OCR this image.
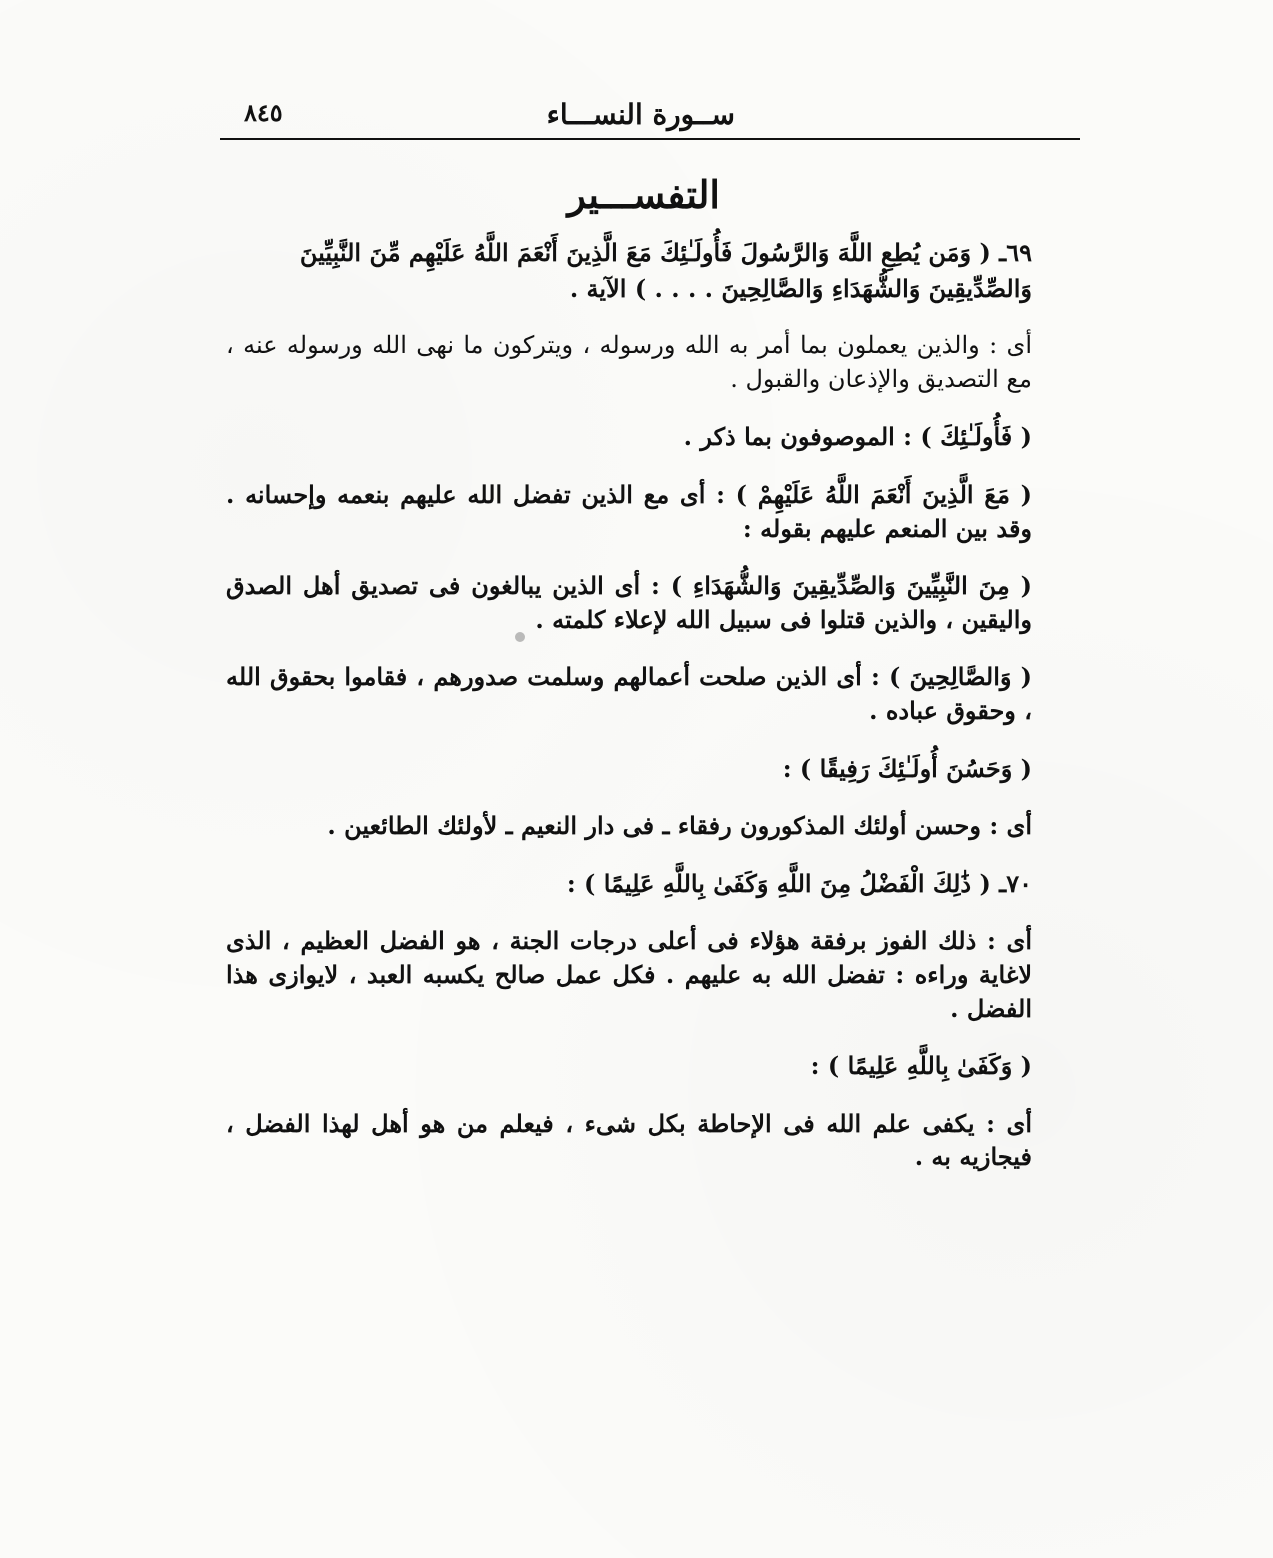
ســورة النســـاء
٨٤٥
التفســـير
٦٩ـ ( وَمَن يُطِعِ اللَّهَ وَالرَّسُولَ فَأُولَـٰئِكَ مَعَ الَّذِينَ أَنْعَمَ اللَّهُ عَلَيْهِم مِّنَ النَّبِيِّينَ
وَالصِّدِّيقِينَ وَالشُّهَدَاءِ وَالصَّالِحِينَ . . . . ) الآية .
أى : والذين يعملون بما أمر به الله ورسوله ، ويتركون ما نهى الله ورسوله عنه ، مع التصديق والإذعان والقبول .
( فَأُولَـٰئِكَ ) : الموصوفون بما ذكر .
( مَعَ الَّذِينَ أَنْعَمَ اللَّهُ عَلَيْهِمْ ) : أى مع الذين تفضل الله عليهم بنعمه وإحسانه . وقد بين المنعم عليهم بقوله :
( مِنَ النَّبِيِّينَ وَالصِّدِّيقِينَ وَالشُّهَدَاءِ ) : أى الذين يبالغون فى تصديق أهل الصدق واليقين ، والذين قتلوا فى سبيل الله لإعلاء كلمته .
( وَالصَّالِحِينَ ) : أى الذين صلحت أعمالهم وسلمت صدورهم ، فقاموا بحقوق الله ، وحقوق عباده .
( وَحَسُنَ أُولَـٰئِكَ رَفِيقًا ) :
أى : وحسن أولئك المذكورون رفقاء ـ فى دار النعيم ـ لأولئك الطائعين .
٧٠ـ ( ذَٰلِكَ الْفَضْلُ مِنَ اللَّهِ وَكَفَىٰ بِاللَّهِ عَلِيمًا ) :
أى : ذلك الفوز برفقة هؤلاء فى أعلى درجات الجنة ، هو الفضل العظيم ، الذى لاغاية وراءه : تفضل الله به عليهم . فكل عمل صالح يكسبه العبد ، لايوازى هذا الفضل .
( وَكَفَىٰ بِاللَّهِ عَلِيمًا ) :
أى : يكفى علم الله فى الإحاطة بكل شىء ، فيعلم من هو أهل لهذا الفضل ، فيجازيه به .
